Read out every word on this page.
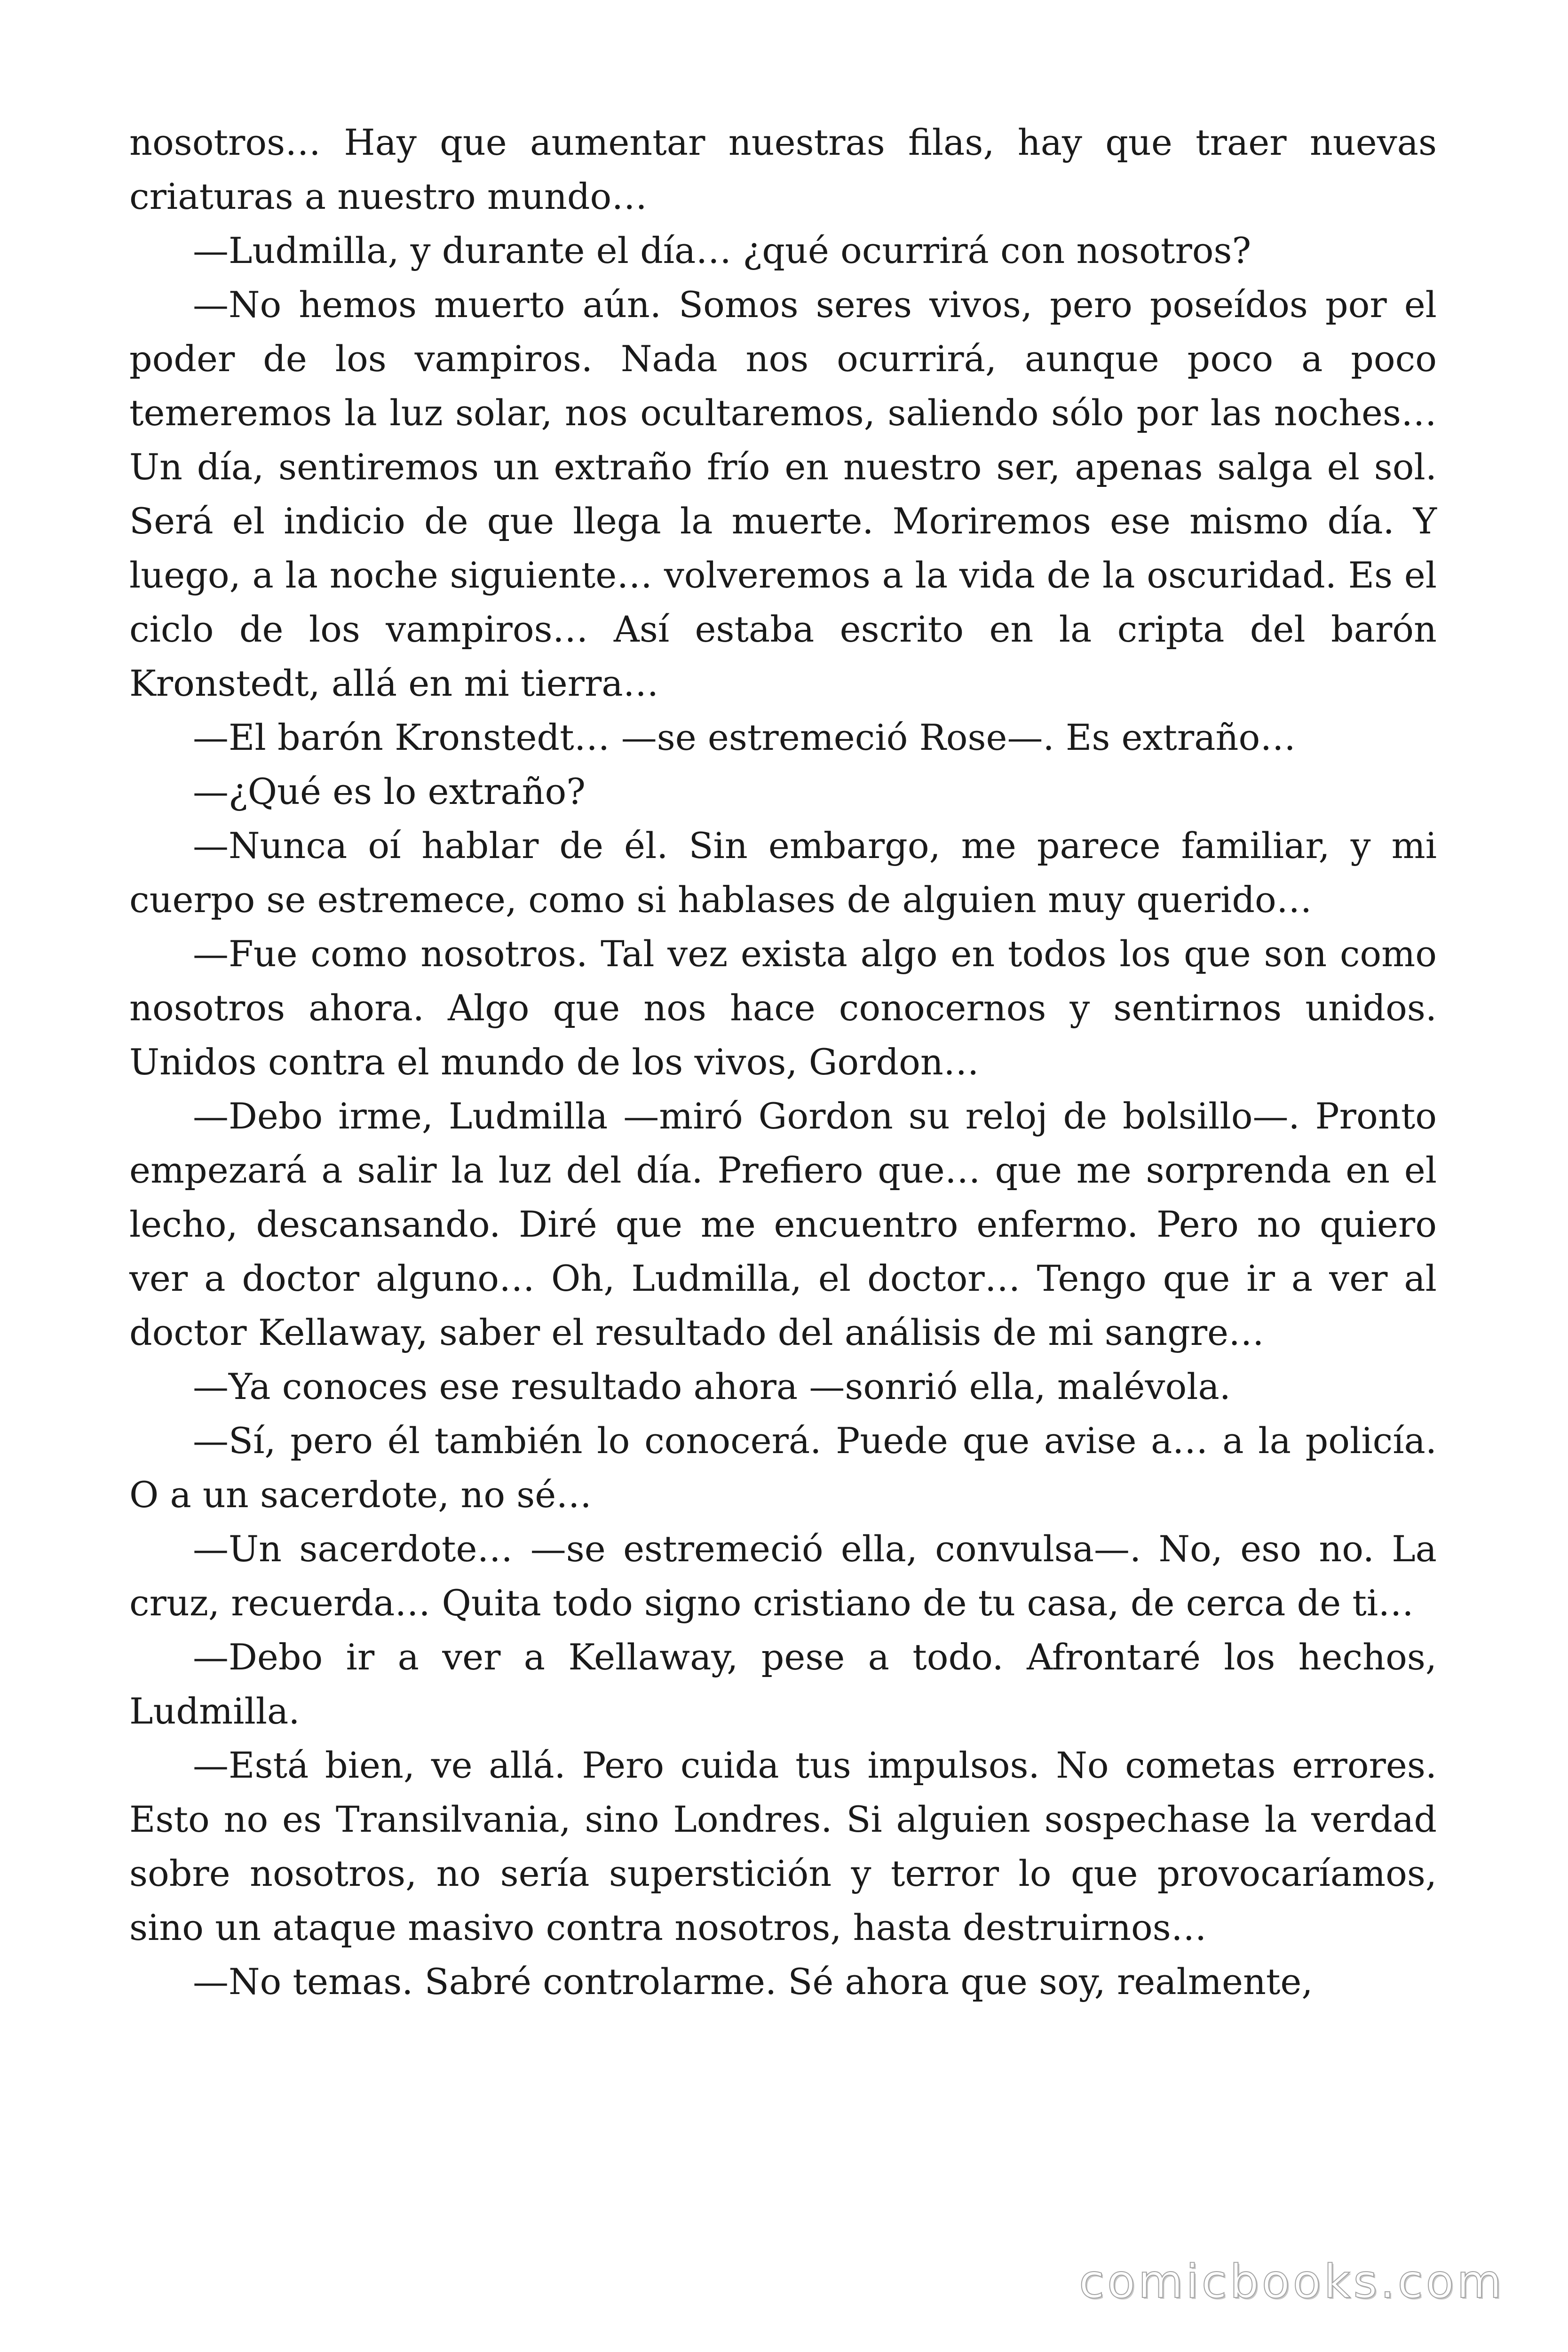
nosotros… Hay que aumentar nuestras filas, hay que traer nuevas criaturas a nuestro mundo…

—Ludmilla, y durante el día… ¿qué ocurrirá con nosotros?

—No hemos muerto aún. Somos seres vivos, pero poseídos por el poder de los vampiros. Nada nos ocurrirá, aunque poco a poco temeremos la luz solar, nos ocultaremos, saliendo sólo por las noches… Un día, sentiremos un extraño frío en nuestro ser, apenas salga el sol. Será el indicio de que llega la muerte. Moriremos ese mismo día. Y luego, a la noche siguiente… volveremos a la vida de la oscuridad. Es el ciclo de los vampiros… Así estaba escrito en la cripta del barón Kronstedt, allá en mi tierra…

—El barón Kronstedt… —se estremeció Rose—. Es extraño…

—¿Qué es lo extraño?

—Nunca oí hablar de él. Sin embargo, me parece familiar, y mi cuerpo se estremece, como si hablases de alguien muy querido…

—Fue como nosotros. Tal vez exista algo en todos los que son como nosotros ahora. Algo que nos hace conocernos y sentirnos unidos. Unidos contra el mundo de los vivos, Gordon…

—Debo irme, Ludmilla —miró Gordon su reloj de bolsillo—. Pronto empezará a salir la luz del día. Prefiero que… que me sorprenda en el lecho, descansando. Diré que me encuentro enfermo. Pero no quiero ver a doctor alguno… Oh, Ludmilla, el doctor… Tengo que ir a ver al doctor Kellaway, saber el resultado del análisis de mi sangre…

—Ya conoces ese resultado ahora —sonrió ella, malévola.

—Sí, pero él también lo conocerá. Puede que avise a… a la policía. O a un sacerdote, no sé…

—Un sacerdote… —se estremeció ella, convulsa—. No, eso no. La cruz, recuerda… Quita todo signo cristiano de tu casa, de cerca de ti…

—Debo ir a ver a Kellaway, pese a todo. Afrontaré los hechos, Ludmilla.

—Está bien, ve allá. Pero cuida tus impulsos. No cometas errores. Esto no es Transilvania, sino Londres. Si alguien sospechase la verdad sobre nosotros, no sería superstición y terror lo que provocaríamos, sino un ataque masivo contra nosotros, hasta destruirnos…

—No temas. Sabré controlarme. Sé ahora que soy, realmente,

comicbooks.com
